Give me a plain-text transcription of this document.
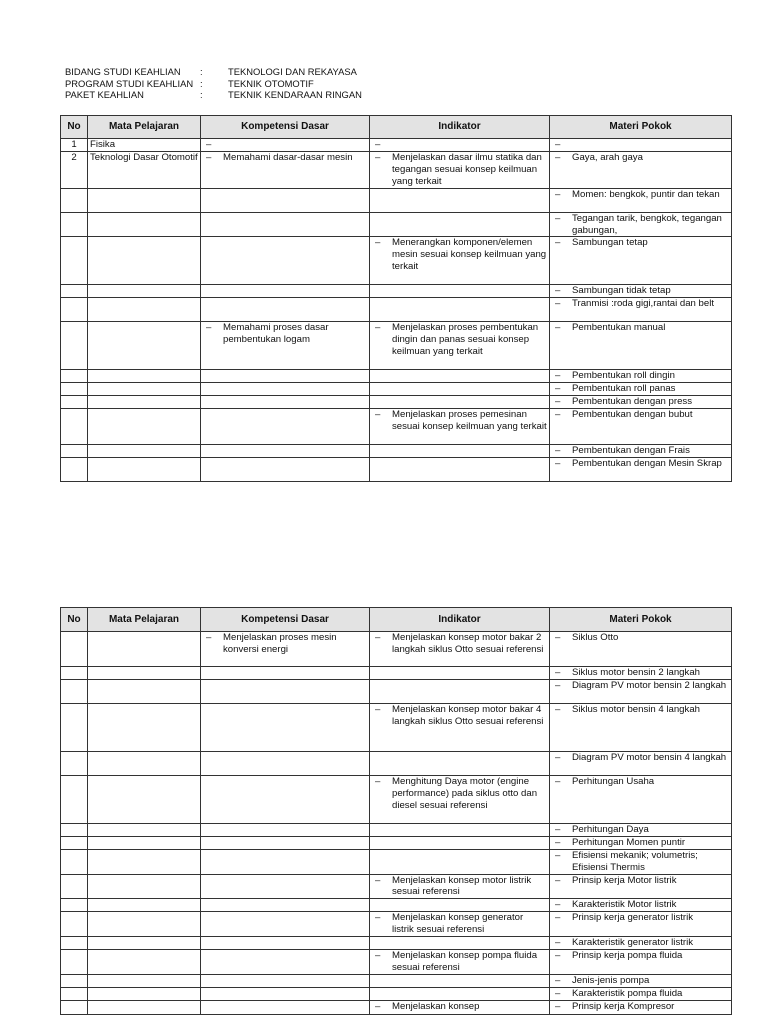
BIDANG STUDI KEAHLIAN	:	TEKNOLOGI DAN REKAYASA
PROGRAM STUDI KEAHLIAN :	TEKNIK OTOMOTIF
PAKET KEAHLIAN	:	TEKNIK KENDARAAN RINGAN
No	Mata Pelajaran	Kompetensi Dasar	Indikator	Materi Pokok
1	Fisika	–	–	–

2	Teknologi Dasar Otomotif	– Memahami dasar-dasar mesin	– Menjelaskan dasar ilmu statika dan tegangan sesuai konsep keilmuan yang terkait	– Gaya, arah gaya

				– Momen: bengkok, puntir dan tekan

				– Tegangan tarik, bengkok, tegangan gabungan,

			– Menerangkan komponen/elemen mesin sesuai konsep keilmuan yang terkait	– Sambungan tetap

				– Sambungan tidak tetap

				– Tranmisi :roda gigi,rantai dan belt

		– Memahami proses dasar pembentukan logam	– Menjelaskan proses pembentukan dingin dan panas sesuai konsep keilmuan yang terkait	– Pembentukan manual

				– Pembentukan roll dingin

				– Pembentukan roll panas

				– Pembentukan dengan press

			– Menjelaskan proses pemesinan sesuai konsep keilmuan yang terkait	– Pembentukan dengan bubut

				– Pembentukan dengan Frais

				– Pembentukan dengan Mesin Skrap
No	Mata Pelajaran	Kompetensi Dasar	Indikator	Materi Pokok

		– Menjelaskan proses mesin konversi energi	– Menjelaskan konsep motor bakar 2 langkah siklus Otto sesuai referensi	– Siklus Otto

				– Siklus motor bensin 2 langkah

				– Diagram PV motor bensin 2 langkah

			– Menjelaskan konsep motor bakar 4 langkah siklus Otto sesuai referensi	– Siklus motor bensin 4 langkah

				– Diagram PV motor bensin 4 langkah

			– Menghitung Daya motor (engine performance) pada siklus otto dan diesel sesuai referensi	– Perhitungan Usaha

				– Perhitungan Daya

				– Perhitungan Momen puntir

				– Efisiensi mekanik; volumetris; Efisiensi Thermis

			– Menjelaskan konsep motor listrik sesuai referensi	– Prinsip kerja Motor listrik

				– Karakteristik Motor listrik

			– Menjelaskan konsep generator listrik sesuai referensi	– Prinsip kerja generator listrik

				– Karakteristik generator listrik

			– Menjelaskan konsep pompa fluida sesuai referensi	– Prinsip kerja pompa fluida

				– Jenis-jenis pompa

				– Karakteristik pompa fluida

			– Menjelaskan konsep	– Prinsip kerja Kompresor
